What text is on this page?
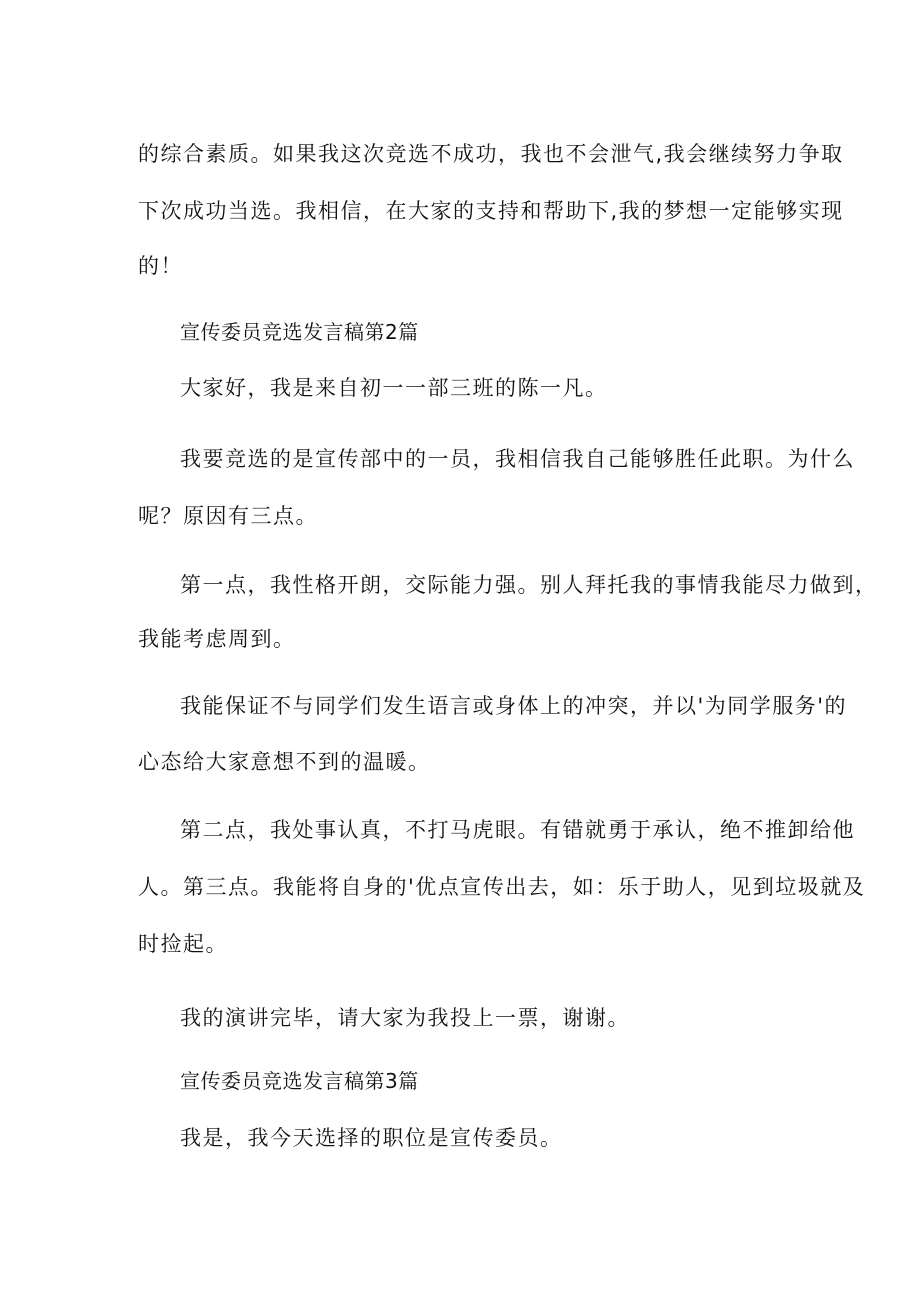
的综合素质。如果我这次竞选不成功，我也不会泄气,我会继续努力争取
下次成功当选。我相信，在大家的支持和帮助下,我的梦想一定能够实现
的！
宣传委员竞选发言稿第2篇
大家好，我是来自初一一部三班的陈一凡。
我要竞选的是宣传部中的一员，我相信我自己能够胜任此职。为什么
呢？原因有三点。
第一点，我性格开朗，交际能力强。别人拜托我的事情我能尽力做到，
我能考虑周到。
我能保证不与同学们发生语言或身体上的冲突，并以'为同学服务'的
心态给大家意想不到的温暖。
第二点，我处事认真，不打马虎眼。有错就勇于承认，绝不推卸给他
人。第三点。我能将自身的'优点宣传出去，如：乐于助人，见到垃圾就及
时捡起。
我的演讲完毕，请大家为我投上一票，谢谢。
宣传委员竞选发言稿第3篇
我是，我今天选择的职位是宣传委员。
